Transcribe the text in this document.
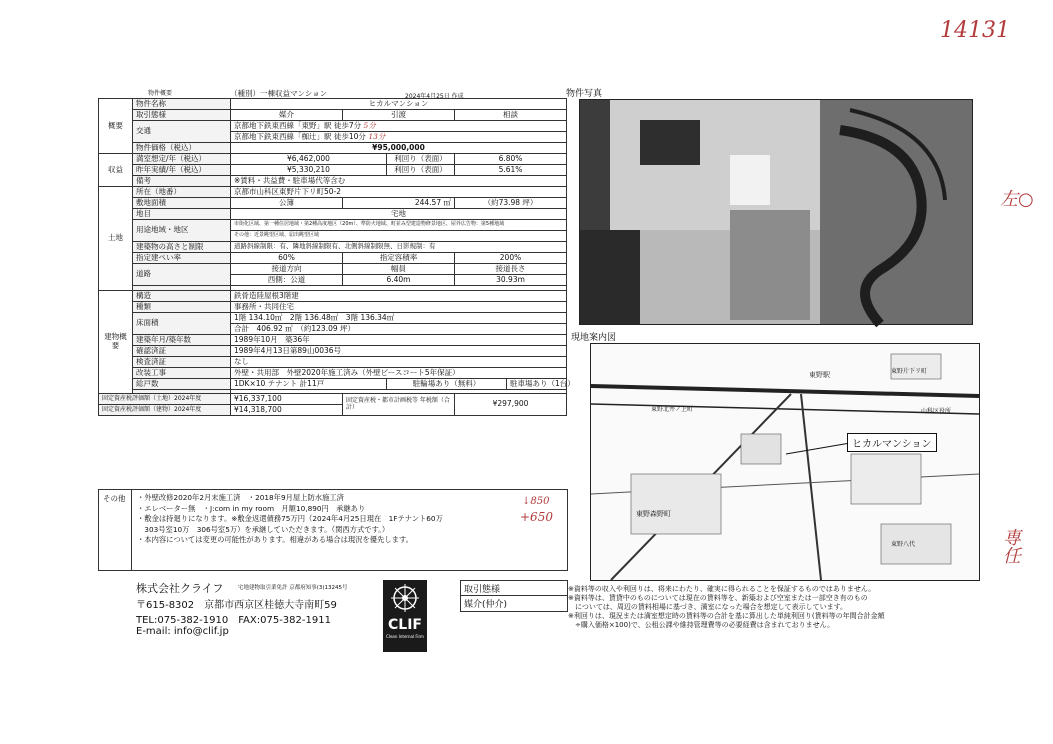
14131
左○
専任
↓850
+650
物件概要	（種別）一棟収益マンション	2024年4月25日 作成	物件写真
概要	物件名称	ヒカルマンション				
	取引態様	媒介	引渡		相談	
	交通	京都地下鉄東西線「東野」駅 徒歩7分 5分				
		京都地下鉄東西線「椥辻」駅 徒歩10分 13分				
	物件価格（税込）	¥95,000,000				
収益	満室想定/年（税込）	¥6,462,000		利回り（表面）	6.80%	
	昨年実績/年（税込）	¥5,330,210		利回り（表面）	5.61%	
	備考	※賃料・共益費・駐車場代等含む				
土地	所在（地番）	京都市山科区東野片下リ町50-2				
	敷地面積	公簿	244.57 ㎡		（約73.98 坪）	
	地目	宅地				
	用途地域・地区	市街化区域、第一種住居地域・第2種高度地区（20m）、準防火地域、町並み型建造物修景地区、屋外広告物：第5種地域				
		その他：近景眺望区域、届出眺望区域				
	建築物の高さと制限	道路斜線制限：有、隣地斜線制限有、北側斜線制限無、日影規制：有				
	指定建ぺい率	60%	指定容積率		200%	
	道路	接道方向	幅員		接道長さ	
		西側：公道	6.40m		30.93m	

建物概要	構造	鉄骨造陸屋根3階建				
	種類	事務所・共同住宅				
	床面積	1階 134.10㎡　2階 136.48㎡　3階 136.34㎡				
		合計　406.92 ㎡　（約123.09 坪）				
	建築年月/築年数	1989年10月　築36年				
	確認済証	1989年4月13日第89山0036号				
	検査済証	なし				
	改装工事	外壁・共用部　外壁2020年施工済み（外壁ビースコート5年保証）				
	総戸数	1DK×10 テナント 計11戸		駐輪場あり（無料）		駐車場あり（1台）

固定資産税評価額（土地）2024年度		¥16,337,100	固定資産税・都市計画税等 年税額（合計）		¥297,900	
固定資産税評価額（建物）2024年度		¥14,318,700				
その他 ・外壁改修2020年2月末施工済　・2018年9月屋上防水施工済
・エレベーター無　・J:com in my room　月額10,890円　承継あり
・敷金は持廻りになります。※敷金返還債務75万円（2024年4月25日現在　1Fテナント60万
　303号室10万　306号室5万）を承継していただきます。（関西方式です。）
・本内容については変更の可能性があります。相違がある場合は現況を優先します。
現地案内図
ヒカルマンション
東野駅	東野片下リ町
東野森野町
東野八代
東野北井ノ上町	山科区役所
株式会社クライフ	宅地建物取引業免許 京都府知事(3)13245号
〒615-8302　京都市西京区桂徳大寺南町59
TEL:075-382-1910　FAX:075-382-1911
E-mail: info@clif.jp	CLIF
Clean Internal Firm
取引態様
媒介(仲介)
※資料等の収入や利回りは、将来にわたり、確実に得られることを保証するものではありません。
※資料等は、賃貸中のものについては現在の賃料等を、新築および空室または一部空き有のもの
　については、周辺の賃料相場に基づき、満室になった場合を想定して表示しています。
※利回りは、現況または満室想定時の賃料等の合計を基に算出した単純利回り(賃料等の年間合計金額
　÷購入価格×100)で、公租公課や維持管理費等の必要経費は含まれておりません。
